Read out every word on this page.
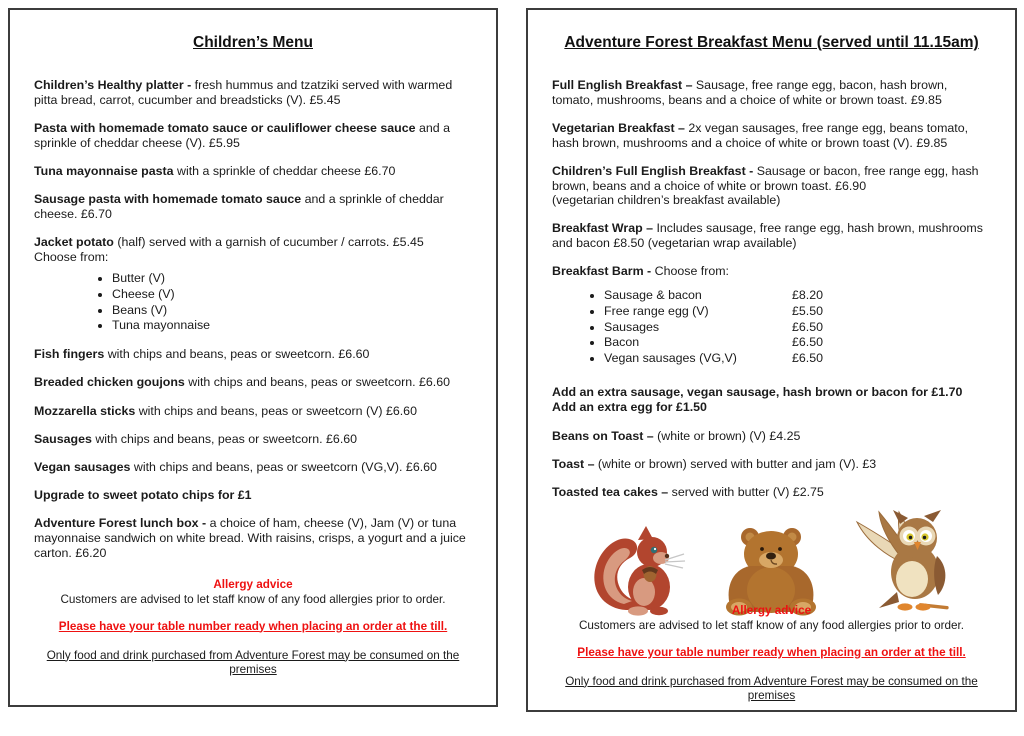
Children’s Menu

Children’s Healthy platter - fresh hummus and tzatziki served with warmed pitta bread, carrot, cucumber and breadsticks (V). £5.45

Pasta with homemade tomato sauce or cauliflower cheese sauce and a sprinkle of cheddar cheese (V). £5.95

Tuna mayonnaise pasta with a sprinkle of cheddar cheese £6.70

Sausage pasta with homemade tomato sauce and a sprinkle of cheddar cheese. £6.70

Jacket potato (half) served with a garnish of cucumber / carrots. £5.45
Choose from:

• Butter (V)
• Cheese (V)
• Beans (V)
• Tuna mayonnaise

Fish fingers with chips and beans, peas or sweetcorn. £6.60

Breaded chicken goujons with chips and beans, peas or sweetcorn. £6.60

Mozzarella sticks with chips and beans, peas or sweetcorn (V) £6.60

Sausages with chips and beans, peas or sweetcorn. £6.60

Vegan sausages with chips and beans, peas or sweetcorn (VG,V). £6.60

Upgrade to sweet potato chips for £1

Adventure Forest lunch box - a choice of ham, cheese (V), Jam (V) or tuna mayonnaise sandwich on white bread. With raisins, crisps, a yogurt and a juice carton. £6.20

Allergy advice
Customers are advised to let staff know of any food allergies prior to order.
Please have your table number ready when placing an order at the till.
Only food and drink purchased from Adventure Forest may be consumed on the premises
Adventure Forest Breakfast Menu (served until 11.15am)

Full English Breakfast – Sausage, free range egg, bacon, hash brown, tomato, mushrooms, beans and a choice of white or brown toast. £9.85

Vegetarian Breakfast – 2x vegan sausages, free range egg, beans tomato, hash brown, mushrooms and a choice of white or brown toast (V). £9.85

Children’s Full English Breakfast - Sausage or bacon, free range egg, hash brown, beans and a choice of white or brown toast. £6.90
(vegetarian children’s breakfast available)

Breakfast Wrap – Includes sausage, free range egg, hash brown, mushrooms and bacon £8.50 (vegetarian wrap available)

Breakfast Barm - Choose from:

• Sausage & bacon	£8.20
• Free range egg (V)	£5.50
• Sausages	£6.50
• Bacon	£6.50
• Vegan sausages (VG,V)	£6.50

Add an extra sausage, vegan sausage, hash brown or bacon for £1.70
Add an extra egg for £1.50

Beans on Toast – (white or brown) (V) £4.25

Toast – (white or brown) served with butter and jam (V). £3

Toasted tea cakes – served with butter (V) £2.75

Allergy advice
Customers are advised to let staff know of any food allergies prior to order.
Please have your table number ready when placing an order at the till.
Only food and drink purchased from Adventure Forest may be consumed on the premises
